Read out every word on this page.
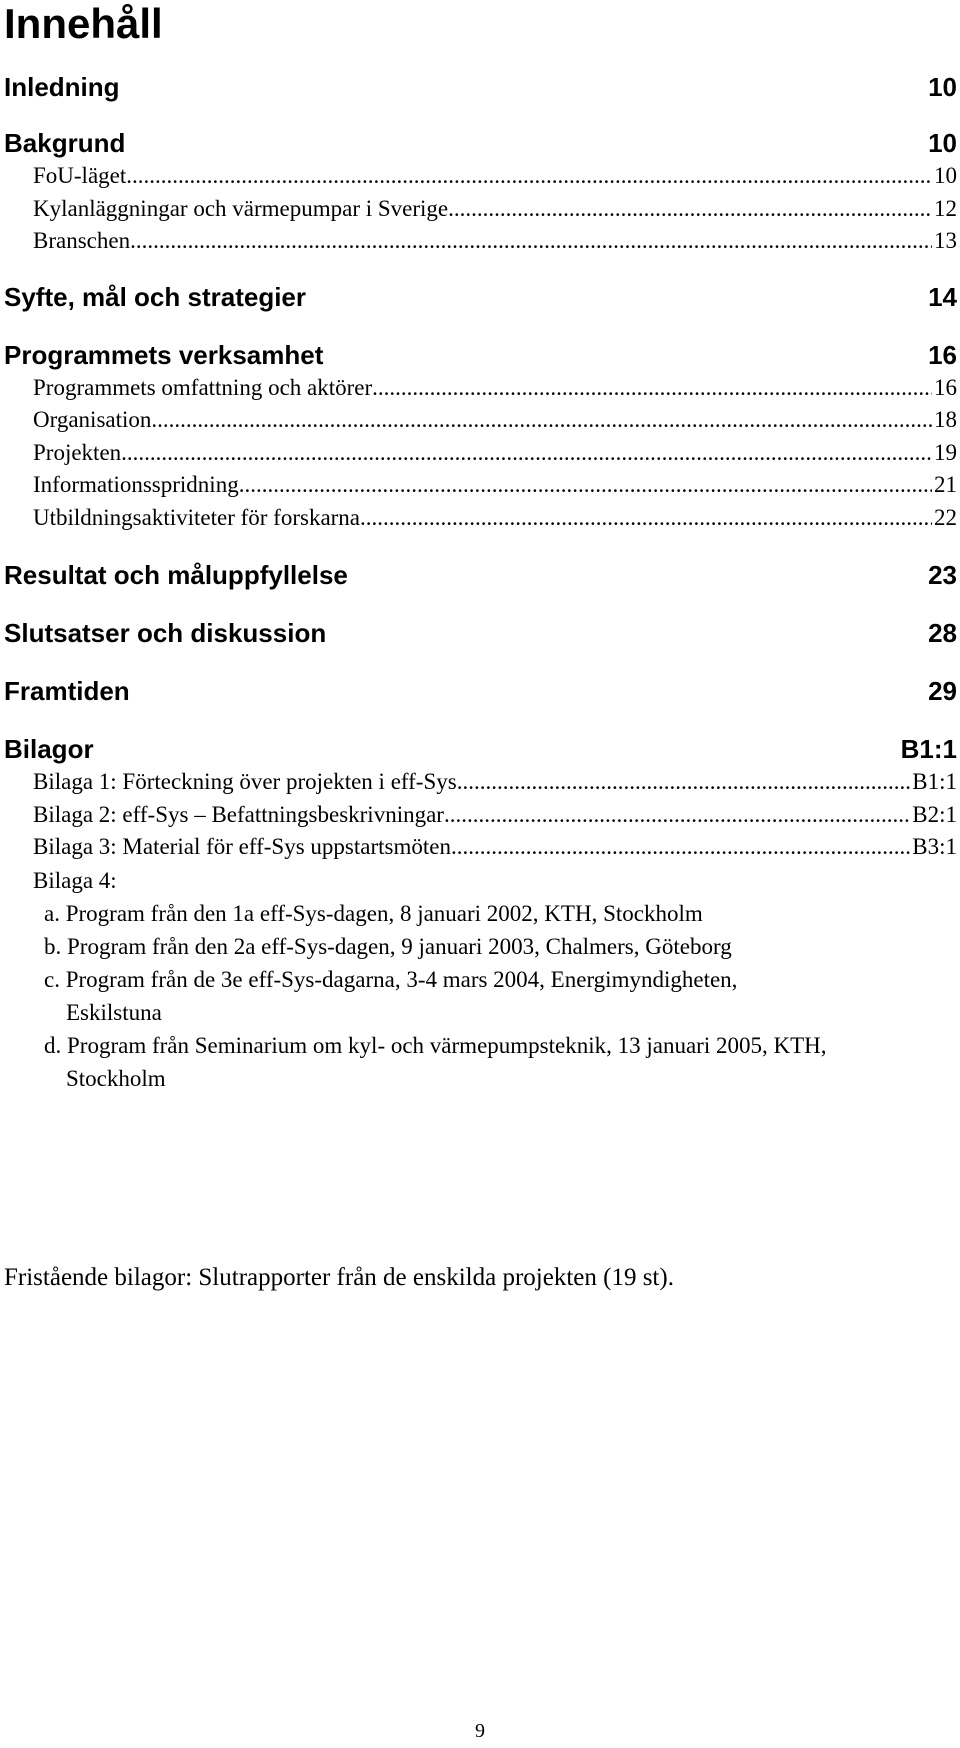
Innehåll
Inledning	10
Bakgrund	10
FoU-läget .....	10
Kylanläggningar och värmepumpar i Sverige .....	12
Branschen .....	13
Syfte, mål och strategier	14
Programmets verksamhet	16
Programmets omfattning och aktörer .....	16
Organisation .....	18
Projekten .....	19
Informationsspridning .....	21
Utbildningsaktiviteter för forskarna .....	22
Resultat och måluppfyllelse	23
Slutsatser och diskussion	28
Framtiden	29
Bilagor	B1:1
Bilaga 1: Förteckning över projekten i eff-Sys .....	B1:1
Bilaga 2: eff-Sys – Befattningsbeskrivningar .....	B2:1
Bilaga 3: Material för eff-Sys uppstartsmöten .....	B3:1
Bilaga 4:
a. Program från den 1a eff-Sys-dagen, 8 januari 2002, KTH, Stockholm
b. Program från den 2a eff-Sys-dagen, 9 januari 2003, Chalmers, Göteborg
c. Program från de 3e eff-Sys-dagarna, 3-4 mars 2004, Energimyndigheten, Eskilstuna
d. Program från Seminarium om kyl- och värmepumpsteknik, 13 januari 2005, KTH, Stockholm
Fristående bilagor: Slutrapporter från de enskilda projekten (19 st).
9
